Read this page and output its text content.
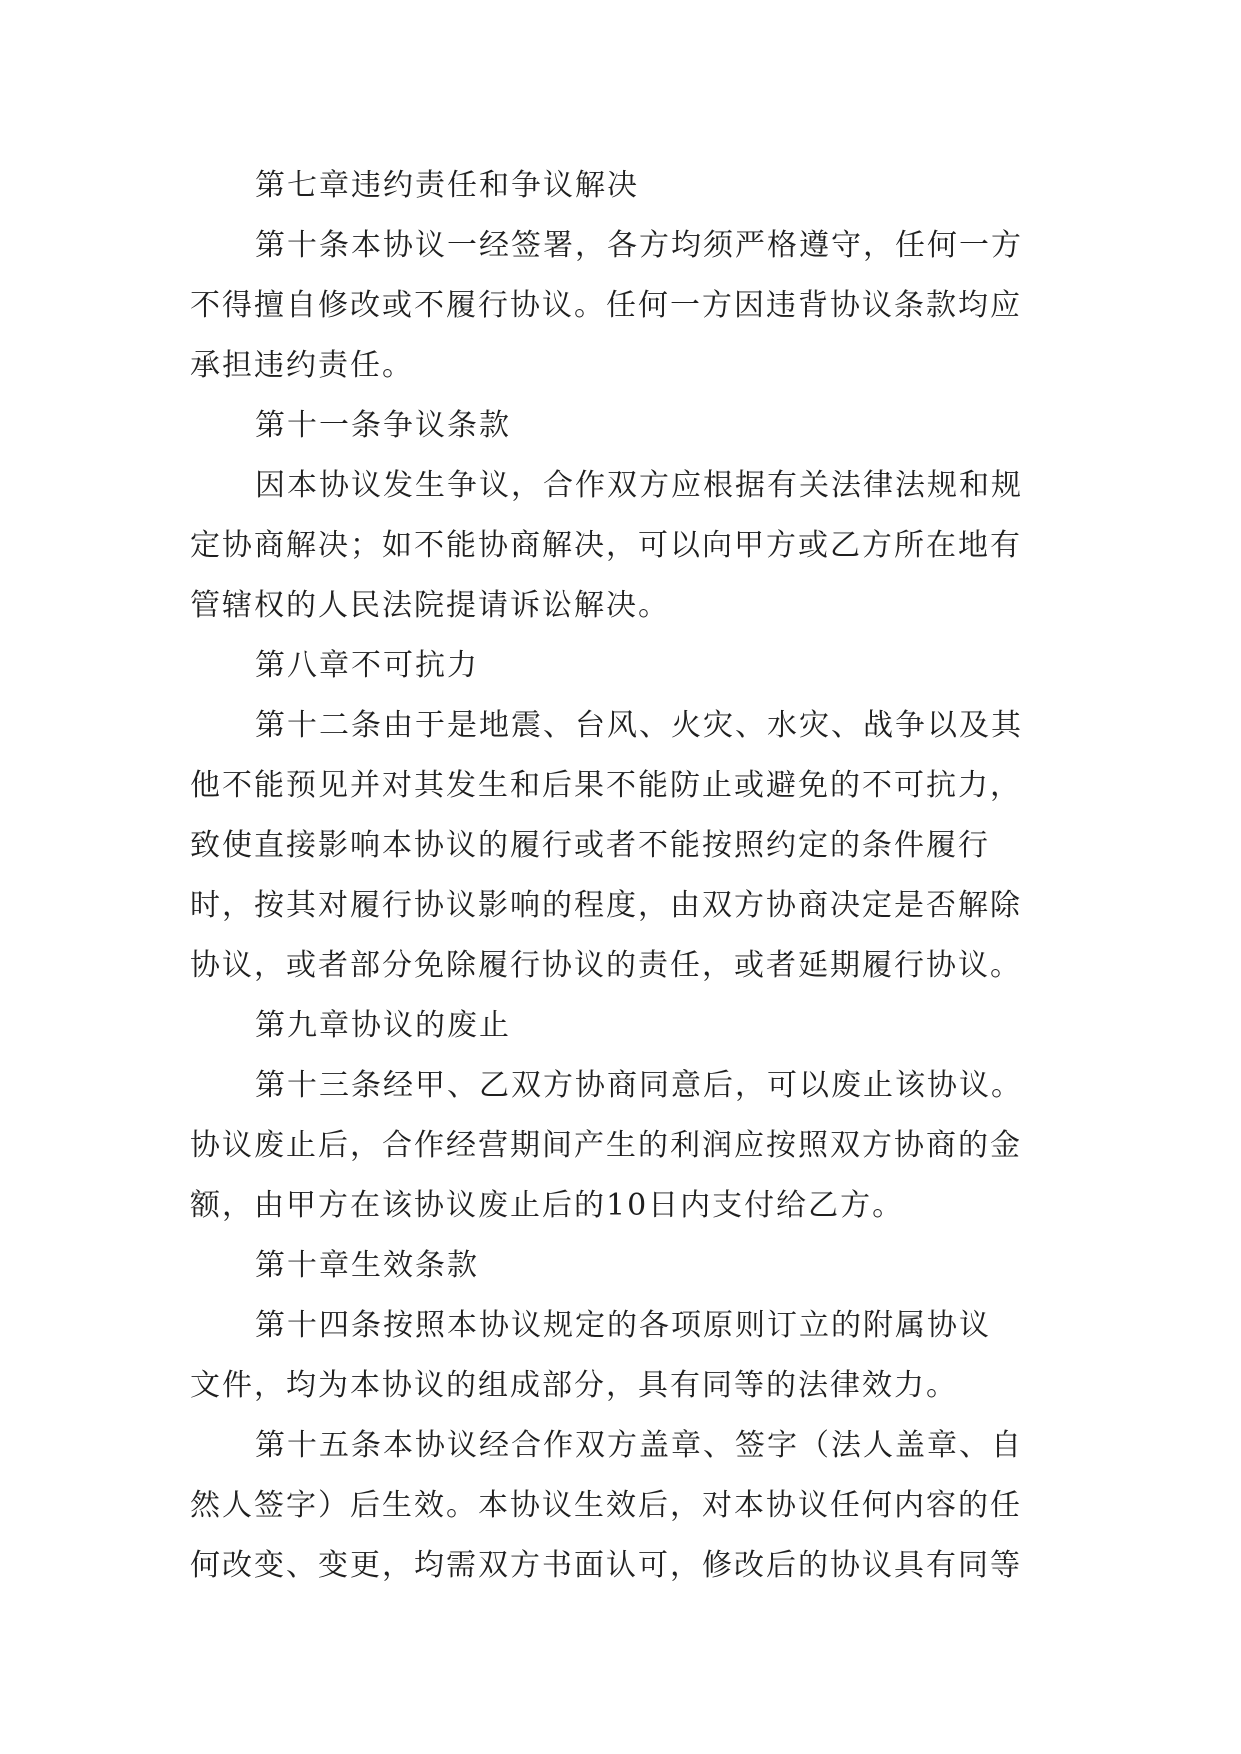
第七章违约责任和争议解决
第十条本协议一经签署，各方均须严格遵守，任何一方
不得擅自修改或不履行协议。任何一方因违背协议条款均应
承担违约责任。
第十一条争议条款
因本协议发生争议，合作双方应根据有关法律法规和规
定协商解决；如不能协商解决，可以向甲方或乙方所在地有
管辖权的人民法院提请诉讼解决。
第八章不可抗力
第十二条由于是地震、台风、火灾、水灾、战争以及其
他不能预见并对其发生和后果不能防止或避免的不可抗力，
致使直接影响本协议的履行或者不能按照约定的条件履行
时，按其对履行协议影响的程度，由双方协商决定是否解除
协议，或者部分免除履行协议的责任，或者延期履行协议。
第九章协议的废止
第十三条经甲、乙双方协商同意后，可以废止该协议。
协议废止后，合作经营期间产生的利润应按照双方协商的金
额，由甲方在该协议废止后的10日内支付给乙方。
第十章生效条款
第十四条按照本协议规定的各项原则订立的附属协议
文件，均为本协议的组成部分，具有同等的法律效力。
第十五条本协议经合作双方盖章、签字（法人盖章、自
然人签字）后生效。本协议生效后，对本协议任何内容的任
何改变、变更，均需双方书面认可，修改后的协议具有同等
